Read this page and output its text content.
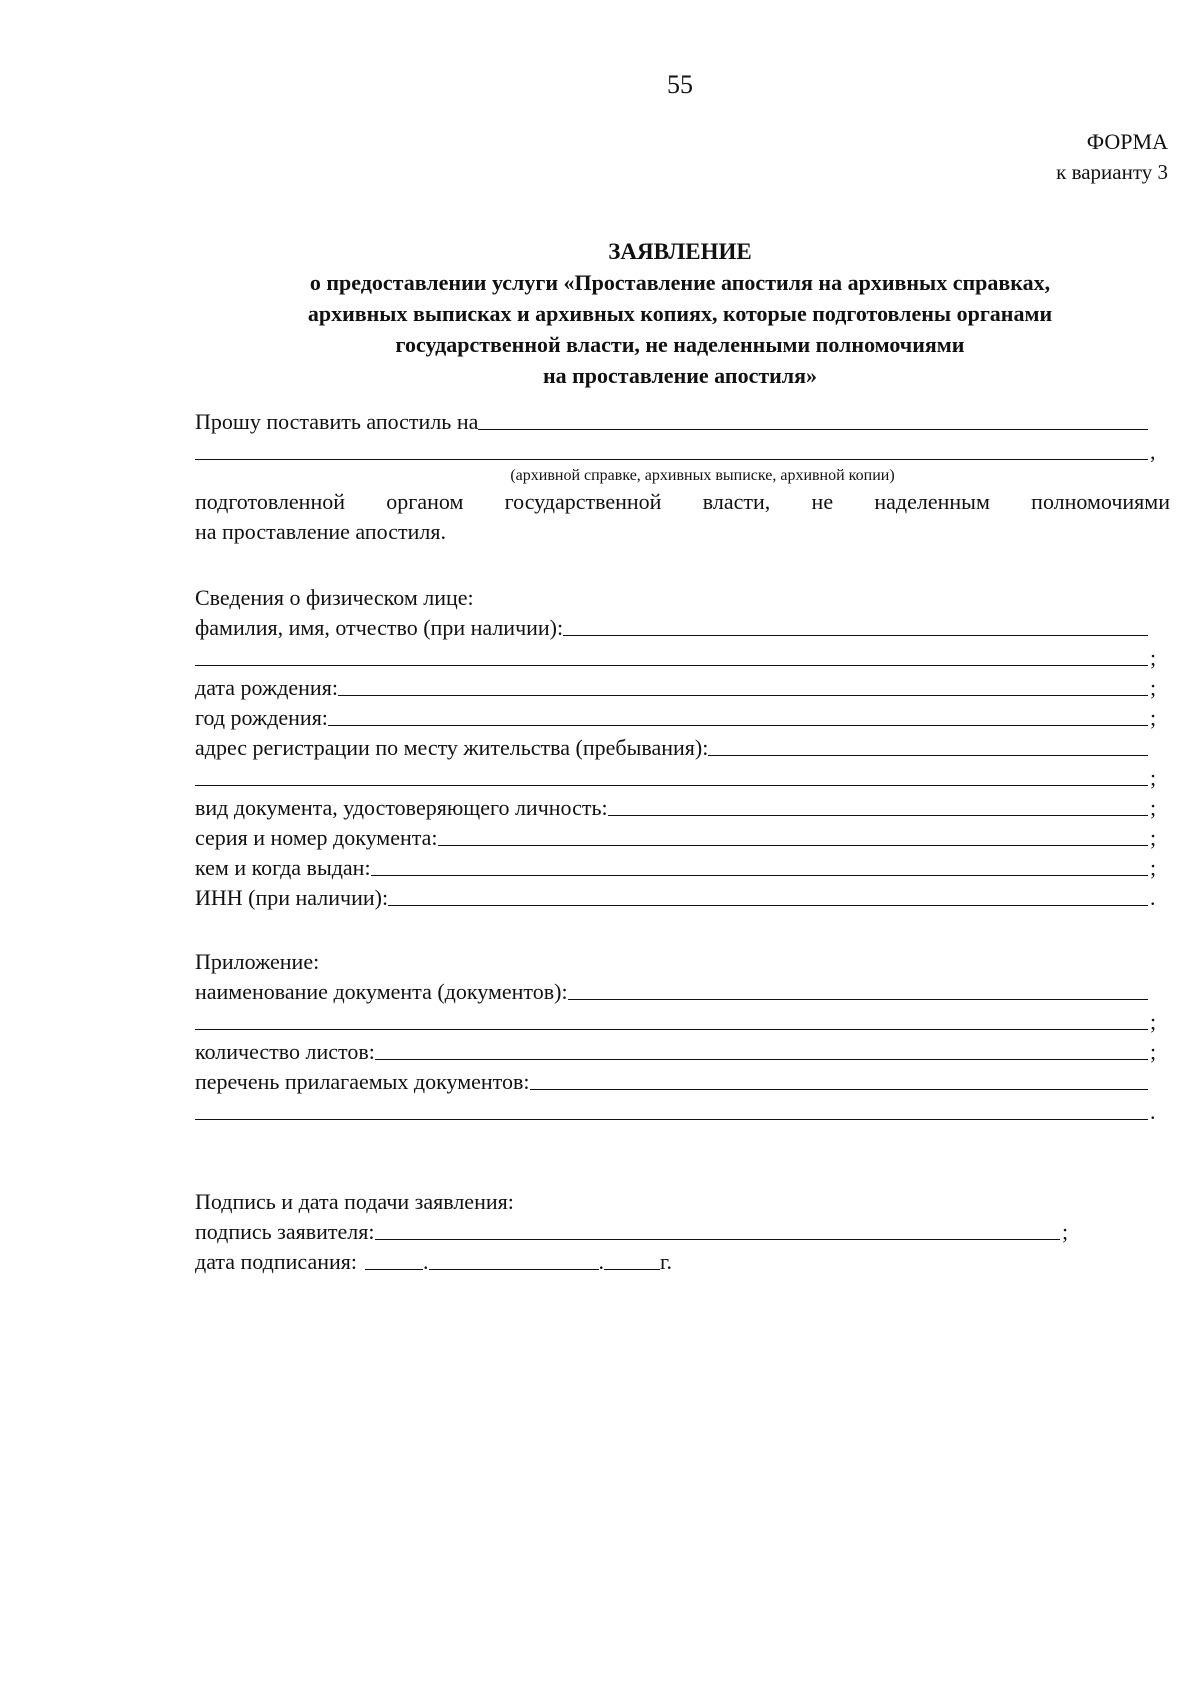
55
ФОРМА
к варианту 3
ЗАЯВЛЕНИЕ
о предоставлении услуги «Проставление апостиля на архивных справках,
архивных выписках и архивных копиях, которые подготовлены органами
государственной власти, не наделенными полномочиями
на проставление апостиля»
Прошу поставить апостиль на
,
(архивной справке, архивных выписке, архивной копии)
подготовленной органом государственной власти, не наделенным полномочиями
на проставление апостиля.
Сведения о физическом лице:
фамилия, имя, отчество (при наличии):
;
дата рождения:	;
год рождения:	;
адрес регистрации по месту жительства (пребывания):
;
вид документа, удостоверяющего личность:	;
серия и номер документа:	;
кем и когда выдан:	;
ИНН (при наличии):	.
Приложение:
наименование документа (документов):
;
количество листов:	;
перечень прилагаемых документов:
.
Подпись и дата подачи заявления:
подпись заявителя:	;
дата подписания:	.	.	г.
